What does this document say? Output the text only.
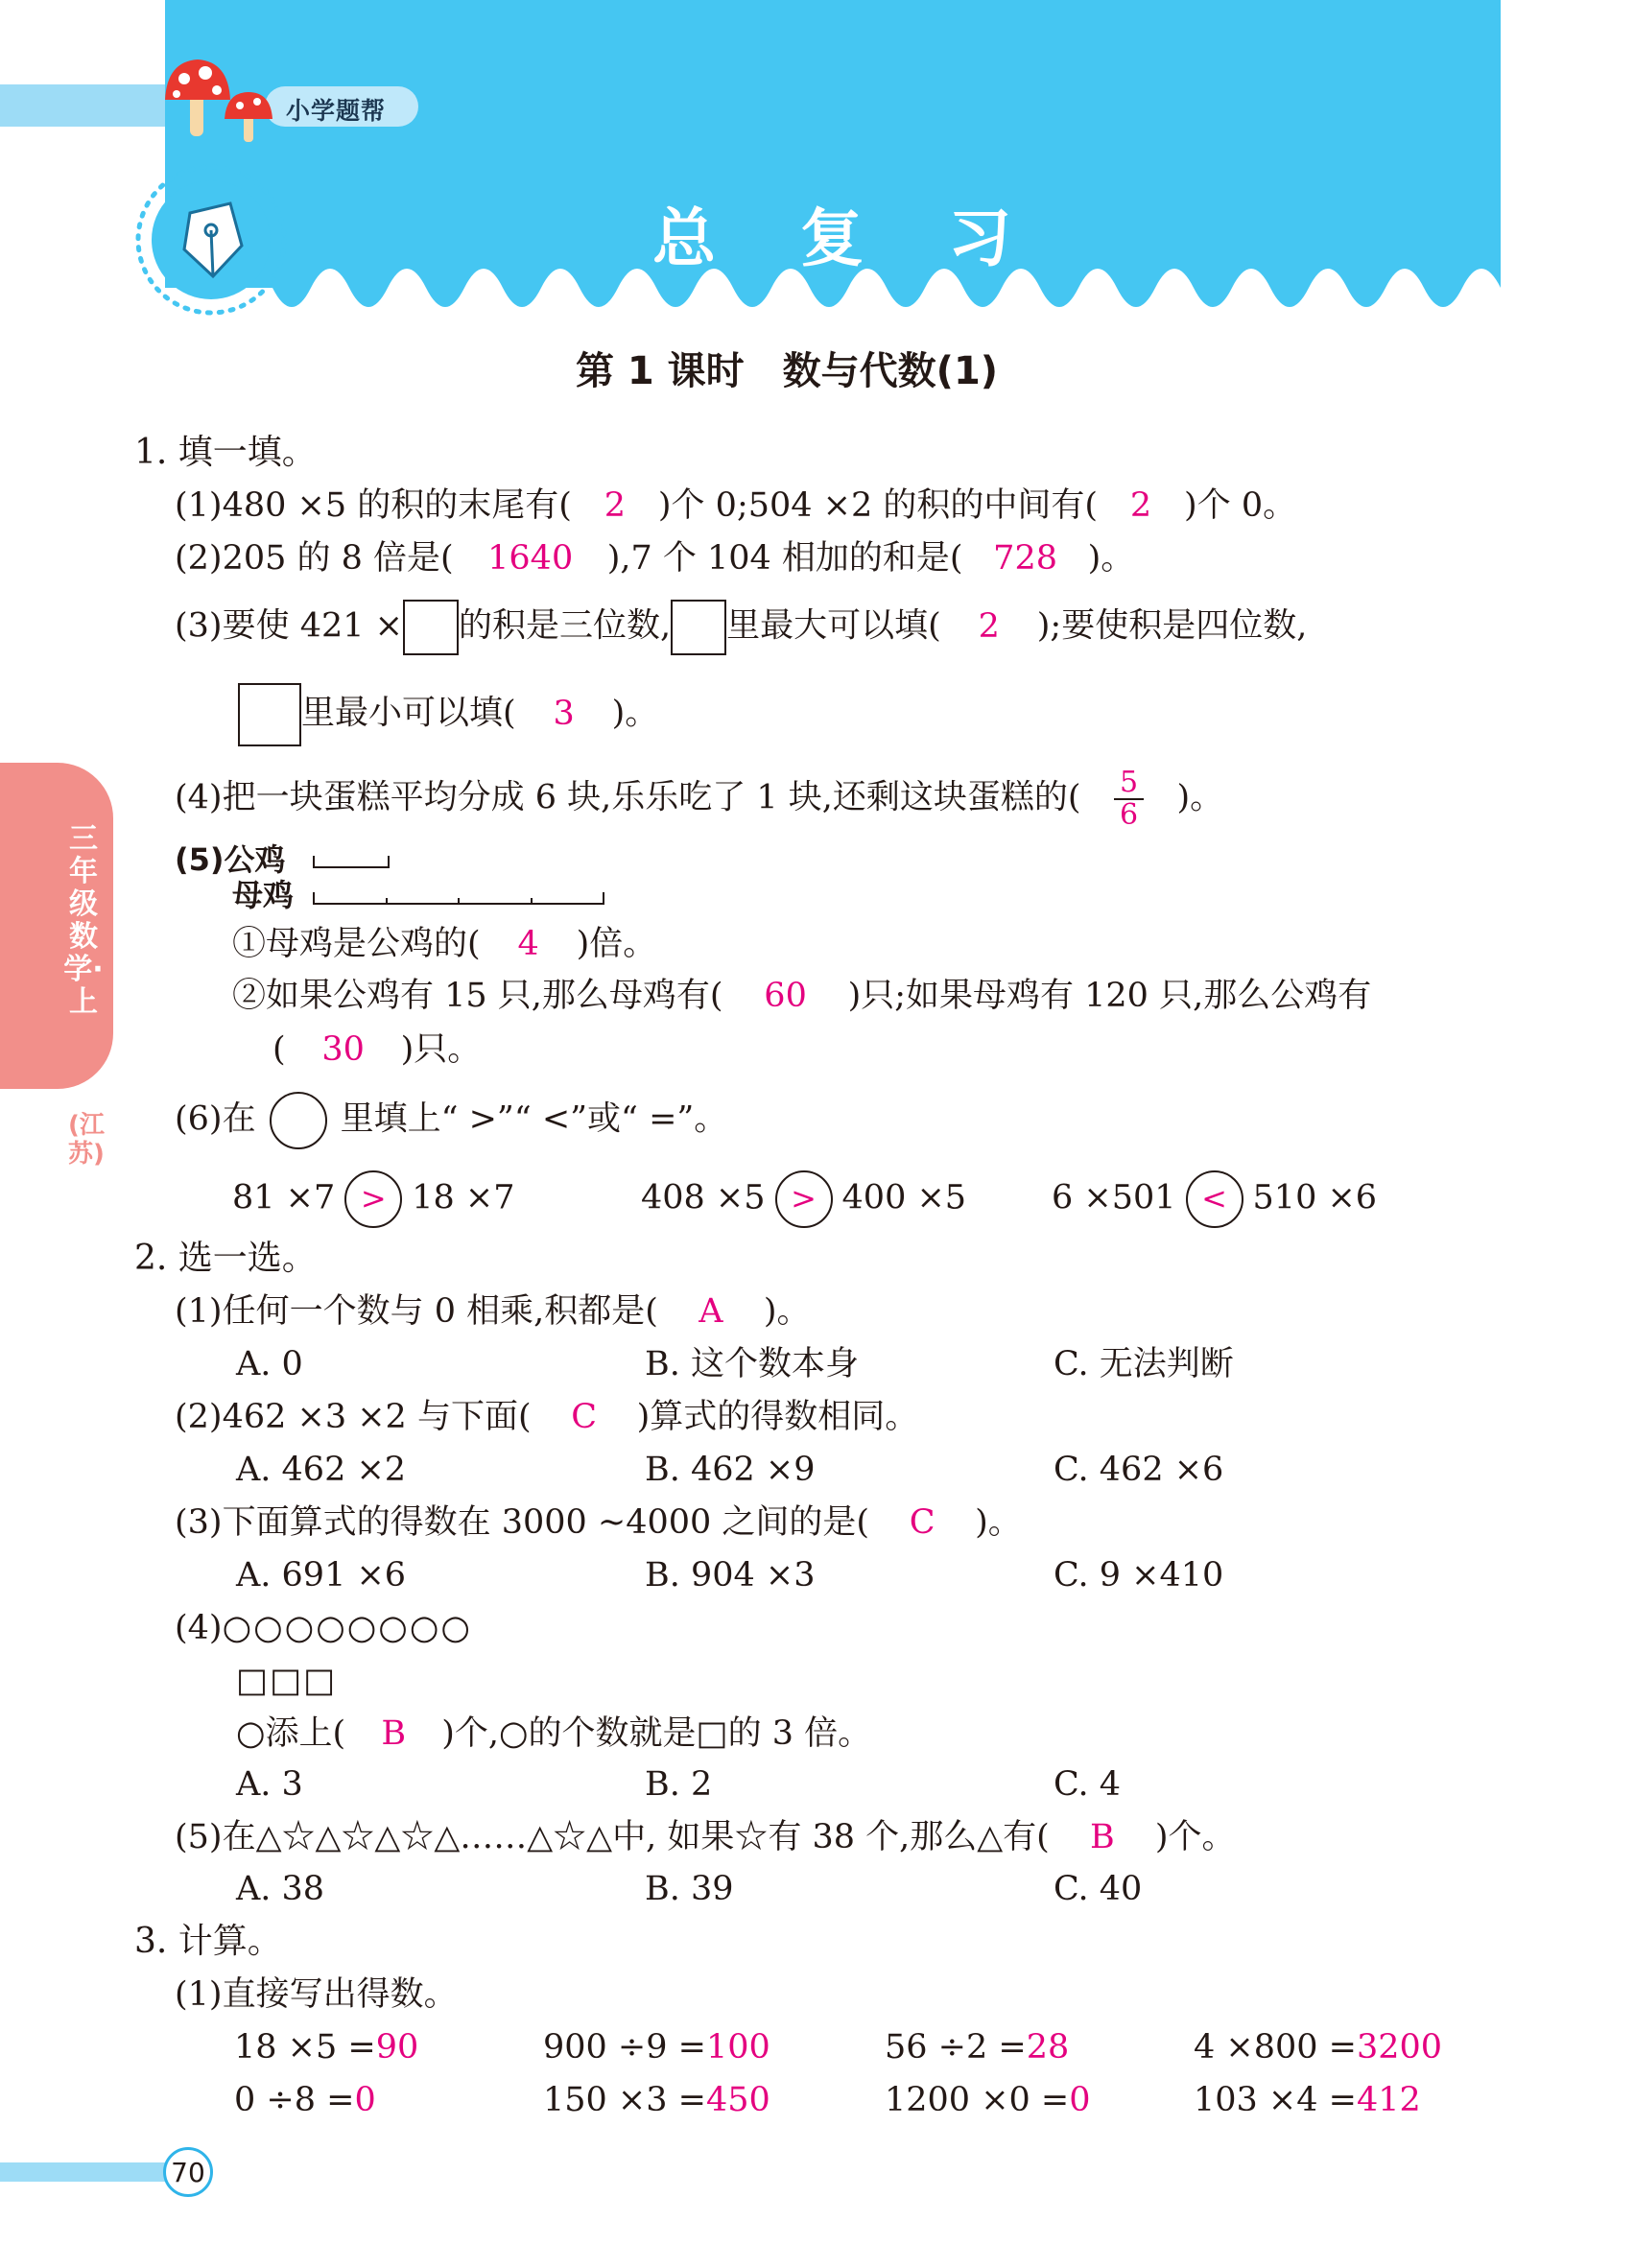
小学题帮
总复习
第 1 课时　数与代数(1)
三年级数学·上
(江苏)
1. 填一填。
(1)480 ×5 的积的末尾有( 2 )个 0;504 ×2 的积的中间有( 2 )个 0。
(2)205 的 8 倍是( 1640 ),7 个 104 相加的和是( 728 )。
(3)要使 421 × 的积是三位数, 里最大可以填( 2 );要使积是四位数,
里最小可以填( 3 )。
(4)把一块蛋糕平均分成 6 块,乐乐吃了 1 块,还剩这块蛋糕的( $\frac{5}{6}$ )。
(5)公鸡
母鸡
①母鸡是公鸡的( 4 )倍。
②如果公鸡有 15 只,那么母鸡有( 60 )只;如果母鸡有 120 只,那么公鸡有
( 30 )只。
(6)在	里填上“ >”“ <”或“ =”。
81 ×7 > 18 ×7	408 ×5 > 400 ×5	6 ×501 < 510 ×6
2. 选一选。
(1)任何一个数与 0 相乘,积都是( A )。
A. 0	B. 这个数本身	C. 无法判断
(2)462 ×3 ×2 与下面( C )算式的得数相同。
A. 462 ×2	B. 462 ×9	C. 462 ×6
(3)下面算式的得数在 3000 ~4000 之间的是( C )。
A. 691 ×6	B. 904 ×3	C. 9 ×410
(4)○○○○○○○○
□□□
○添上( B )个,○的个数就是□的 3 倍。
A. 3	B. 2	C. 4
(5)在△☆△☆△☆△……△☆△中, 如果☆有 38 个,那么△有( B )个。
A. 38	B. 39	C. 40
3. 计算。
(1)直接写出得数。
18 ×5 =90	900 ÷9 =100	56 ÷2 =28	4 ×800 =3200
0 ÷8 =0	150 ×3 =450	1200 ×0 =0	103 ×4 =412
70
